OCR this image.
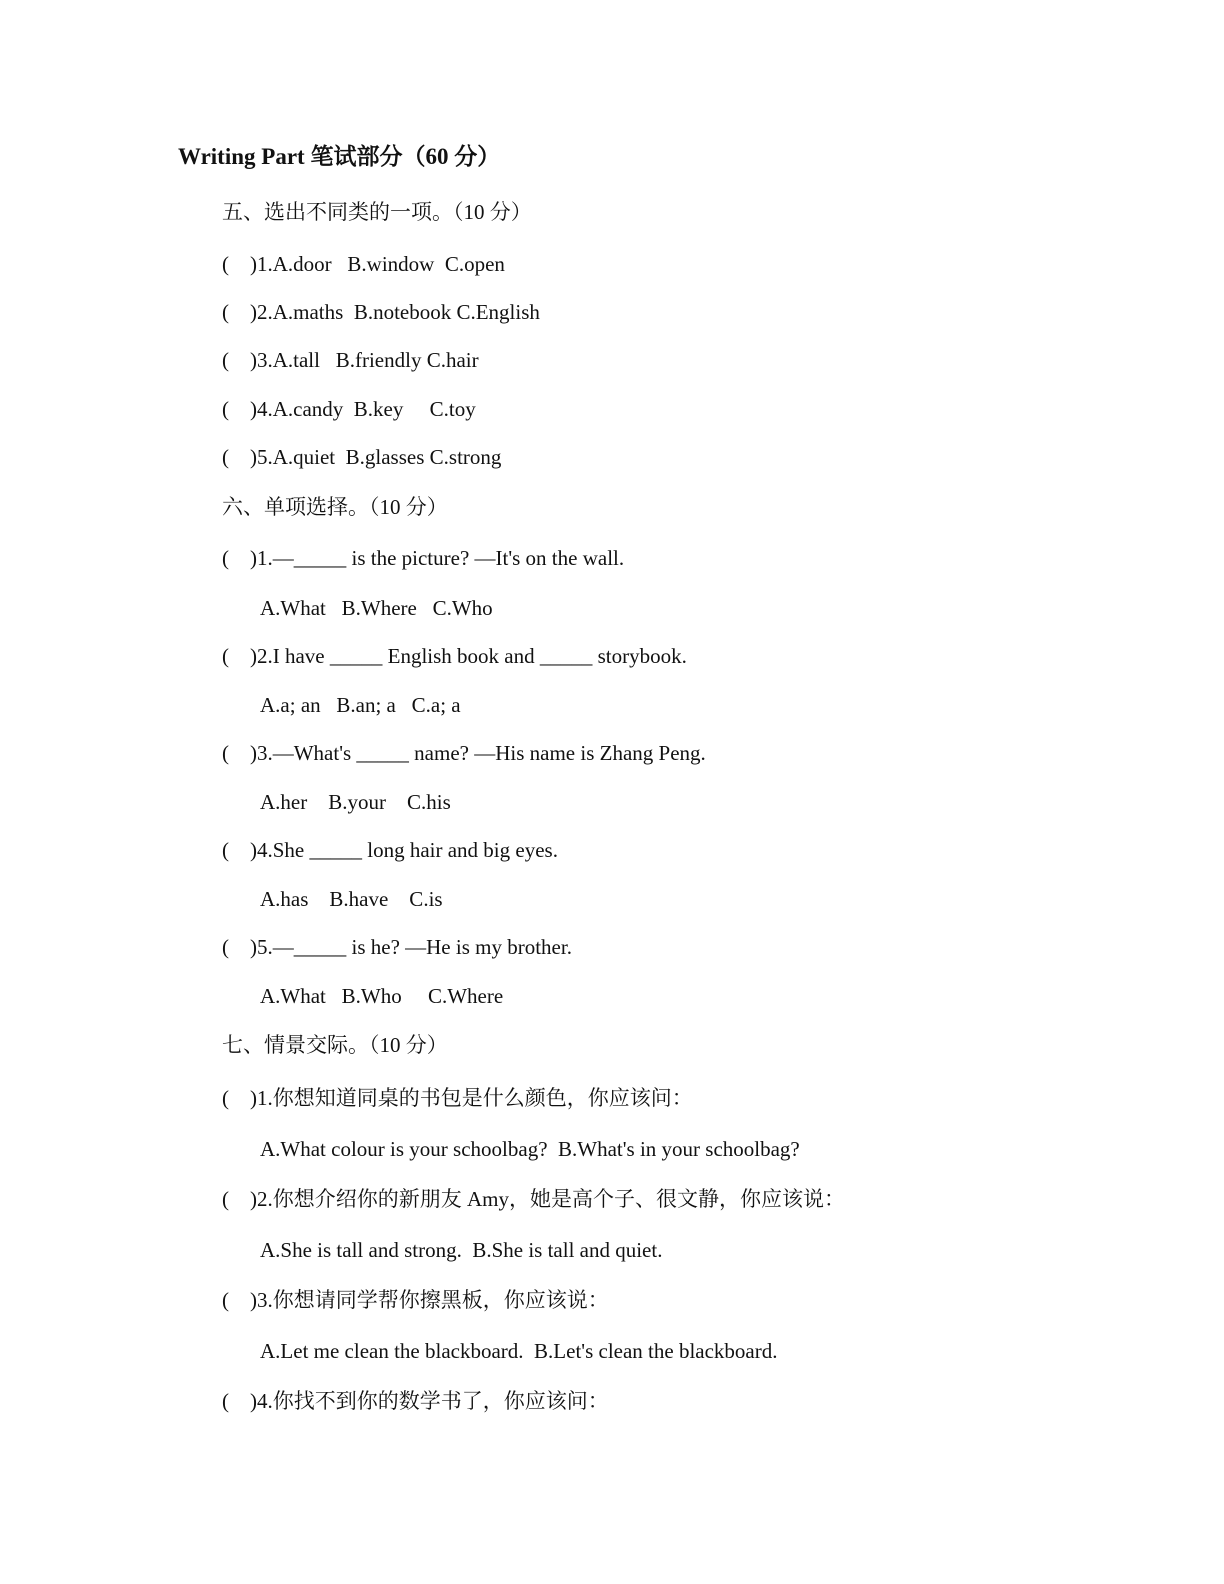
Writing Part 笔试部分（60 分）
五、选出不同类的一项。（10 分）
(    )1.A.door   B.window  C.open
(    )2.A.maths  B.notebook C.English
(    )3.A.tall   B.friendly C.hair
(    )4.A.candy  B.key     C.toy
(    )5.A.quiet  B.glasses C.strong
六、单项选择。（10 分）
(    )1.—_____ is the picture? —It's on the wall.
A.What   B.Where   C.Who
(    )2.I have _____ English book and _____ storybook.
A.a; an   B.an; a   C.a; a
(    )3.—What's _____ name? —His name is Zhang Peng.
A.her    B.your    C.his
(    )4.She _____ long hair and big eyes.
A.has    B.have    C.is
(    )5.—_____ is he? —He is my brother.
A.What   B.Who     C.Where
七、情景交际。（10 分）
(    )1.你想知道同桌的书包是什么颜色，你应该问：
A.What colour is your schoolbag?  B.What's in your schoolbag?
(    )2.你想介绍你的新朋友 Amy，她是高个子、很文静，你应该说：
A.She is tall and strong.  B.She is tall and quiet.
(    )3.你想请同学帮你擦黑板，你应该说：
A.Let me clean the blackboard.  B.Let's clean the blackboard.
(    )4.你找不到你的数学书了，你应该问：
